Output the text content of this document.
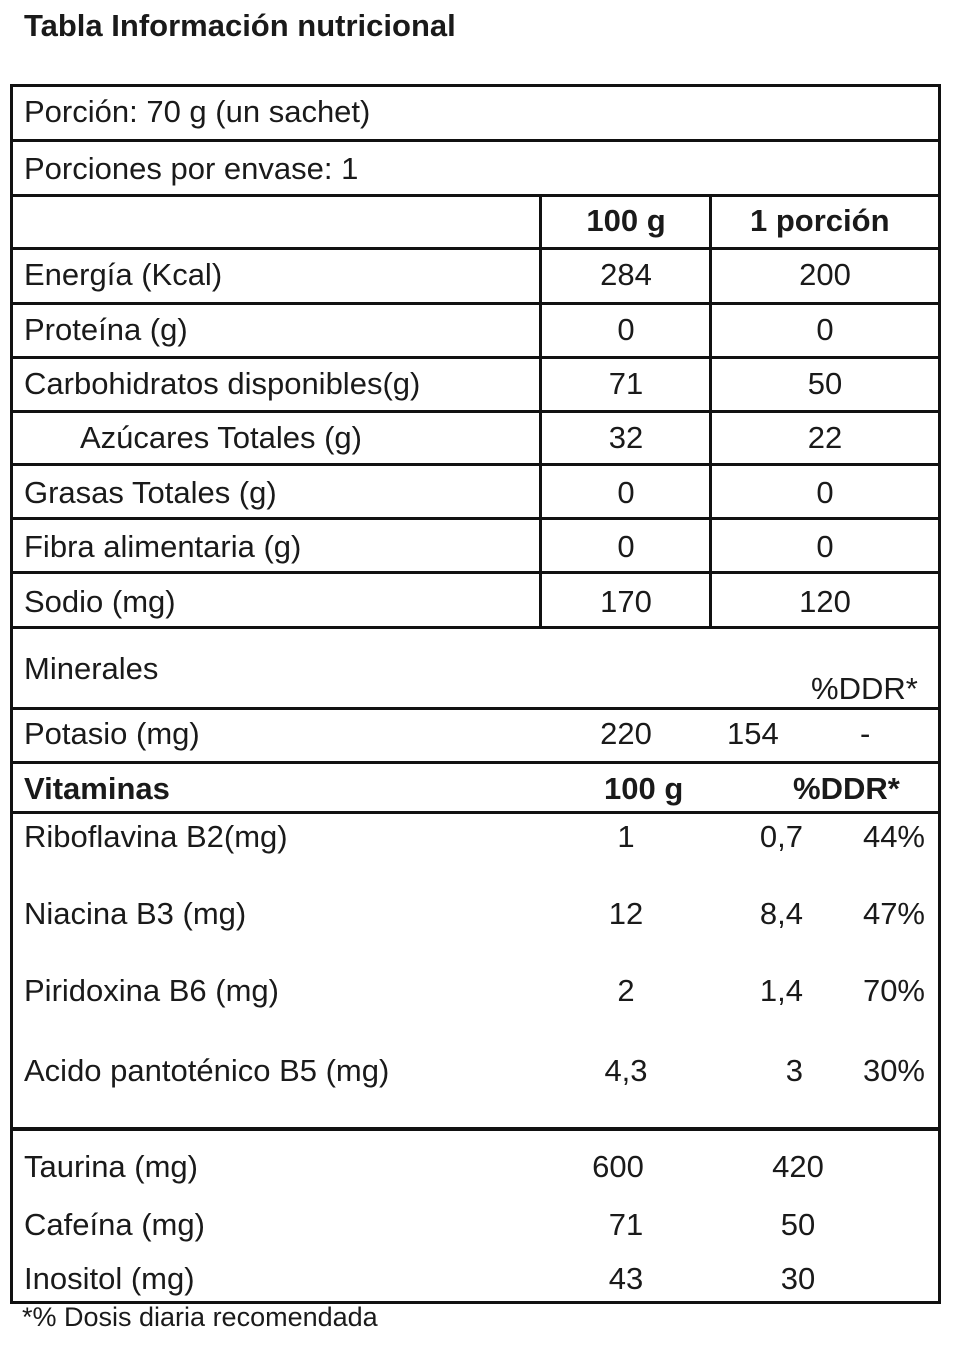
Tabla Información nutricional
Porción: 70 g (un sachet)
Porciones por envase: 1
100 g	1 porción
Energía (Kcal)	284	200
Proteína (g)	0	0
Carbohidratos disponibles(g)	71	50
Azúcares Totales (g)	32	22
Grasas Totales (g)	0	0
Fibra alimentaria (g)	0	0
Sodio (mg)	170	120
Minerales
%DDR*
Potasio (mg)	220	154	-
Vitaminas	100 g	%DDR*
Riboflavina B2(mg)	1	0,7	44%
Niacina B3 (mg)	12	8,4	47%
Piridoxina B6 (mg)	2	1,4	70%
Acido pantoténico B5 (mg)	4,3	3	30%
Taurina (mg)	600	420
Cafeína (mg)	71	50
Inositol (mg)	43	30
*% Dosis diaria recomendada
